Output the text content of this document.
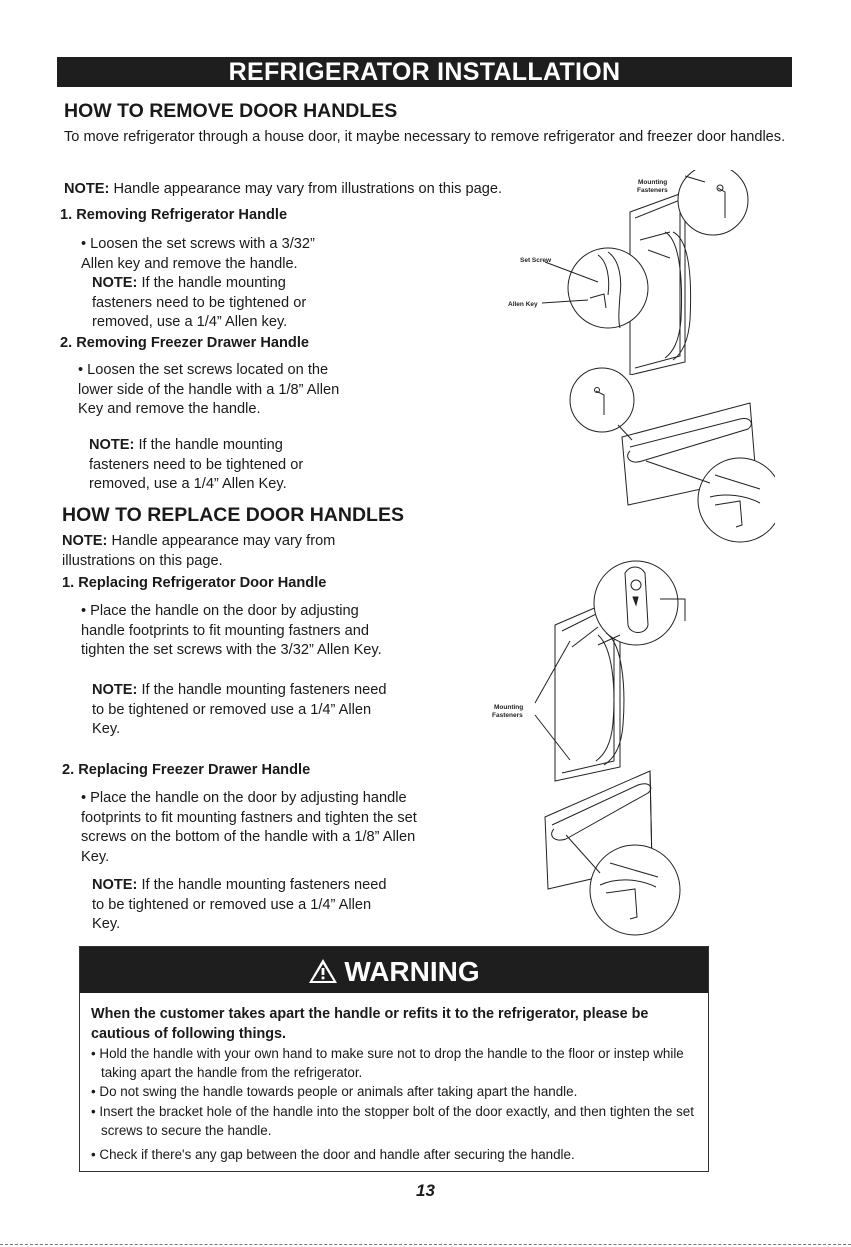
REFRIGERATOR INSTALLATION
HOW TO REMOVE DOOR HANDLES

To move refrigerator through a house door, it maybe necessary to remove refrigerator and freezer door handles.

NOTE: Handle appearance may vary from illustrations on this page.

1. Removing Refrigerator Handle

• Loosen the set screws with a 3/32” Allen key and remove the handle.

NOTE: If the handle mounting fasteners need to be tightened or removed, use a 1/4” Allen key.

2. Removing Freezer Drawer Handle

• Loosen the set screws located on the lower side of the handle with a 1/8” Allen Key and remove the handle.

NOTE: If the handle mounting fasteners need to be tightened or removed, use a 1/4” Allen Key.

HOW TO REPLACE DOOR HANDLES

NOTE: Handle appearance may vary from illustrations on this page.

1. Replacing Refrigerator Door Handle

• Place the handle on the door by adjusting handle footprints to fit mounting fastners and tighten the set screws with the 3/32” Allen Key.

NOTE: If the handle mounting fasteners need to be tightened or removed use a 1/4” Allen Key.

2. Replacing Freezer Drawer Handle

• Place the handle on the door by adjusting handle footprints to fit mounting fastners and tighten the set screws on the bottom of the handle with a 1/8” Allen Key.

NOTE: If the handle mounting fasteners need to be tightened or removed use a 1/4” Allen Key.

Mounting
Fasteners
Set Screw
Allen Key
Mounting
Fasteners
WARNING

When the customer takes apart the handle or refits it to the refrigerator, please be cautious of following things.

• Hold the handle with your own hand to make sure not to drop the handle to the floor or instep while taking apart the handle from the refrigerator.

• Do not swing the handle towards people or animals after taking apart the handle.

• Insert the bracket hole of the handle into the stopper bolt of the door exactly, and then tighten the set screws to secure the handle.

• Check if there's any gap between the door and handle after securing the handle.

13
